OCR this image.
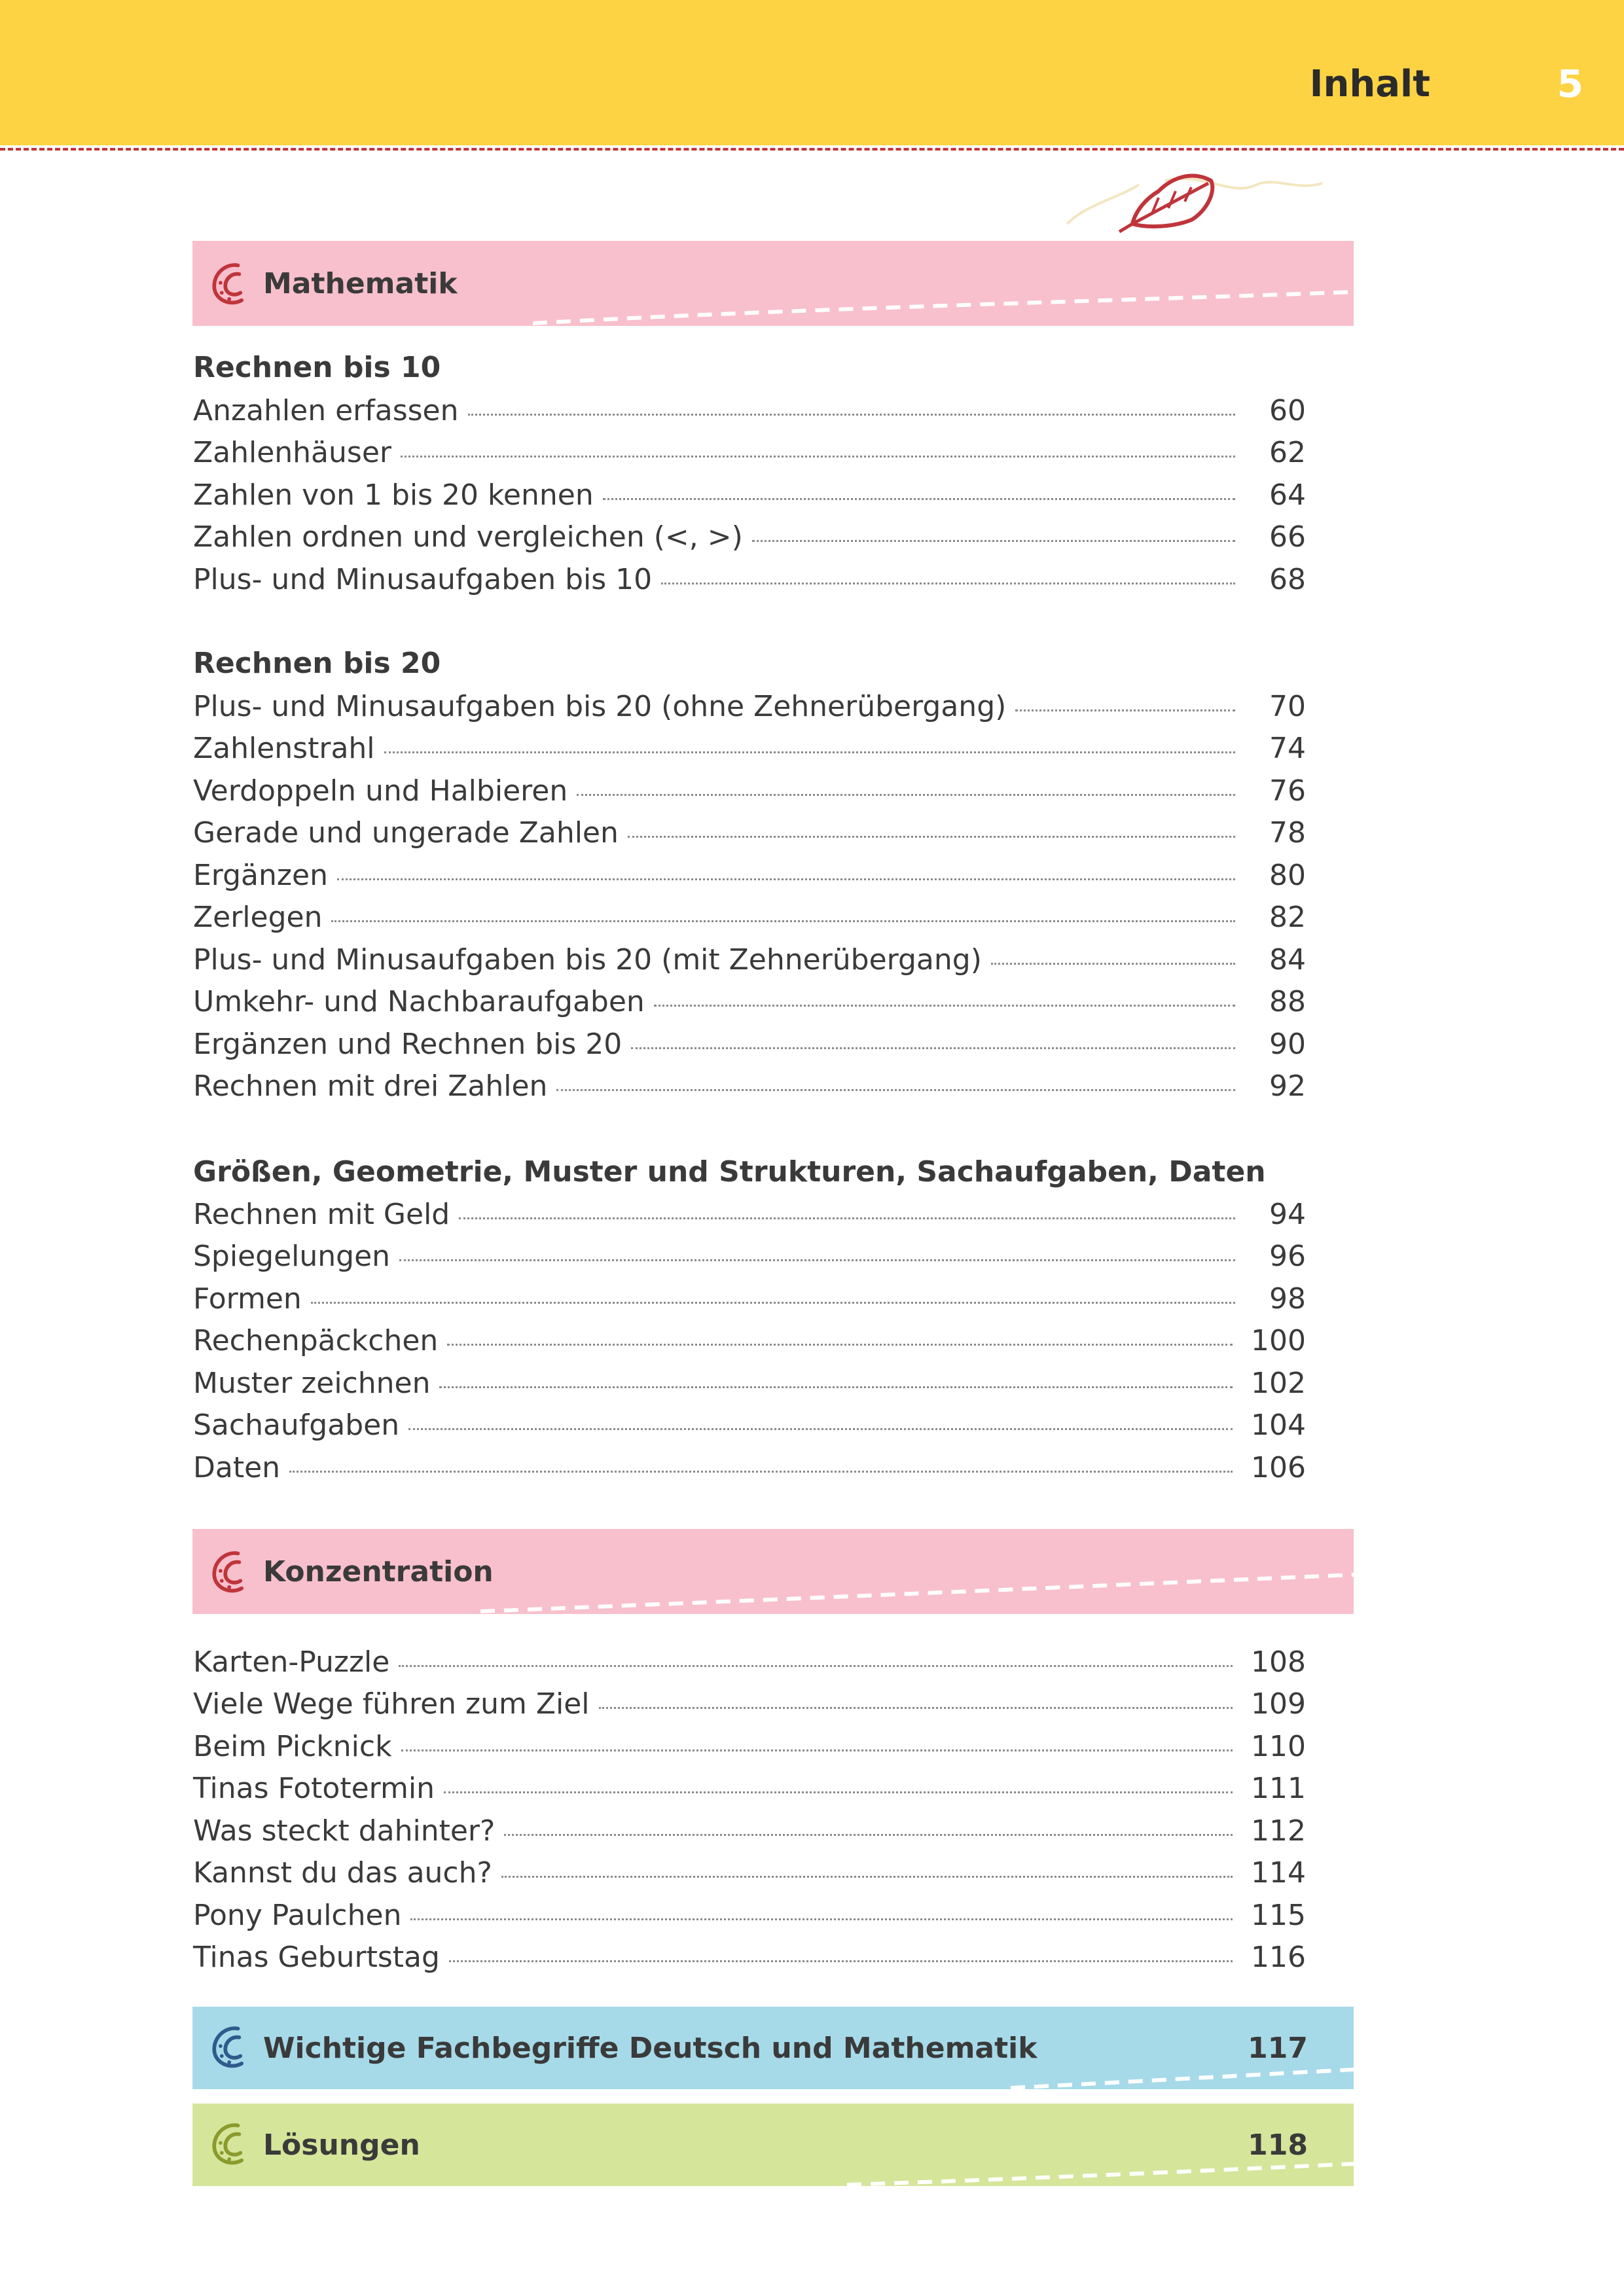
Inhalt	5
Mathematik
Rechnen bis 10
Anzahlen erfassen	60
Zahlenhäuser	62
Zahlen von 1 bis 20 kennen	64
Zahlen ordnen und vergleichen (<, >)	66
Plus- und Minusaufgaben bis 10	68
Rechnen bis 20
Plus- und Minusaufgaben bis 20 (ohne Zehnerübergang)	70
Zahlenstrahl	74
Verdoppeln und Halbieren	76
Gerade und ungerade Zahlen	78
Ergänzen	80
Zerlegen	82
Plus- und Minusaufgaben bis 20 (mit Zehnerübergang)	84
Umkehr- und Nachbaraufgaben	88
Ergänzen und Rechnen bis 20	90
Rechnen mit drei Zahlen	92
Größen, Geometrie, Muster und Strukturen, Sachaufgaben, Daten
Rechnen mit Geld	94
Spiegelungen	96
Formen	98
Rechenpäckchen	100
Muster zeichnen	102
Sachaufgaben	104
Daten	106
Konzentration
Karten-Puzzle	108
Viele Wege führen zum Ziel	109
Beim Picknick	110
Tinas Fototermin	111
Was steckt dahinter?	112
Kannst du das auch?	114
Pony Paulchen	115
Tinas Geburtstag	116
Wichtige Fachbegriffe Deutsch und Mathematik	117
Lösungen	118
